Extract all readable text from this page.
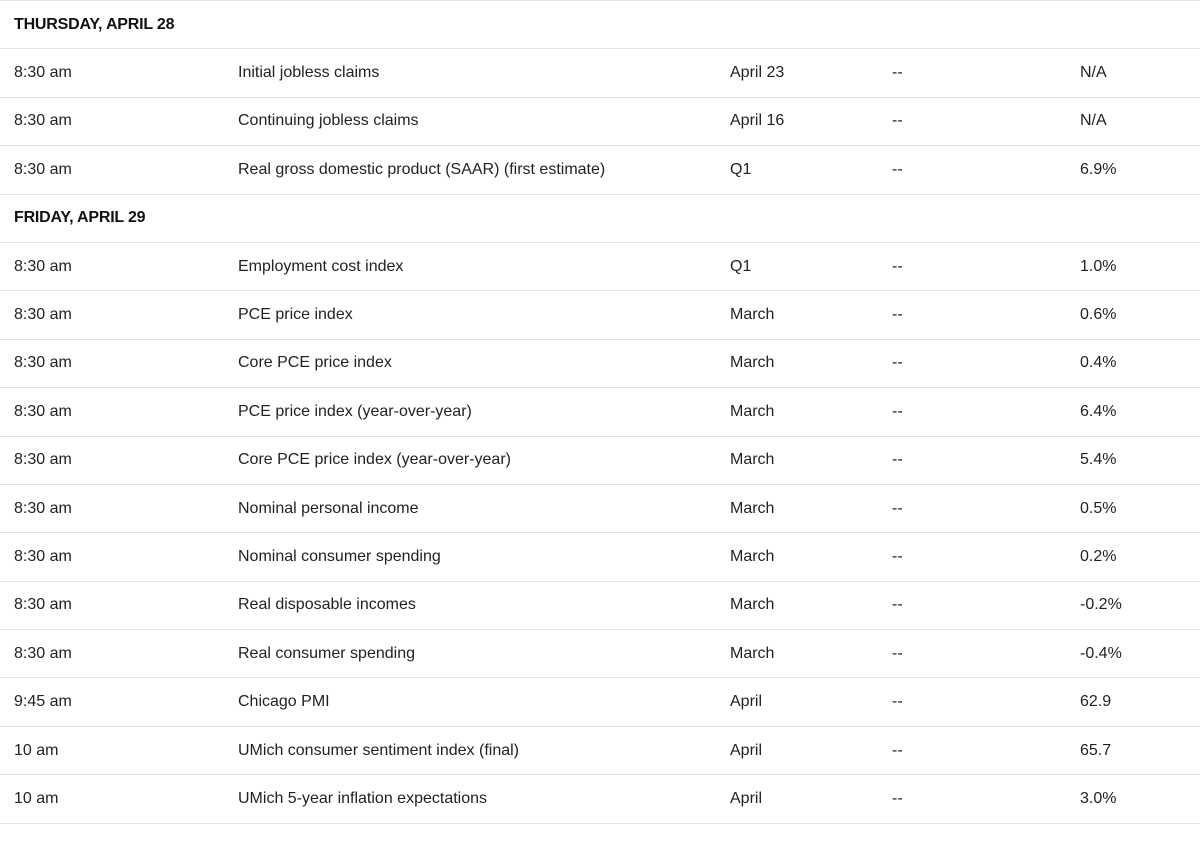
THURSDAY, APRIL 28
8:30 am	Initial jobless claims	April 23	--	N/A
8:30 am	Continuing jobless claims	April 16	--	N/A
8:30 am	Real gross domestic product (SAAR) (first estimate)	Q1	--	6.9%
FRIDAY, APRIL 29
8:30 am	Employment cost index	Q1	--	1.0%
8:30 am	PCE price index	March	--	0.6%
8:30 am	Core PCE price index	March	--	0.4%
8:30 am	PCE price index (year-over-year)	March	--	6.4%
8:30 am	Core PCE price index (year-over-year)	March	--	5.4%
8:30 am	Nominal personal income	March	--	0.5%
8:30 am	Nominal consumer spending	March	--	0.2%
8:30 am	Real disposable incomes	March	--	-0.2%
8:30 am	Real consumer spending	March	--	-0.4%
9:45 am	Chicago PMI	April	--	62.9
10 am	UMich consumer sentiment index (final)	April	--	65.7
10 am	UMich 5-year inflation expectations	April	--	3.0%
